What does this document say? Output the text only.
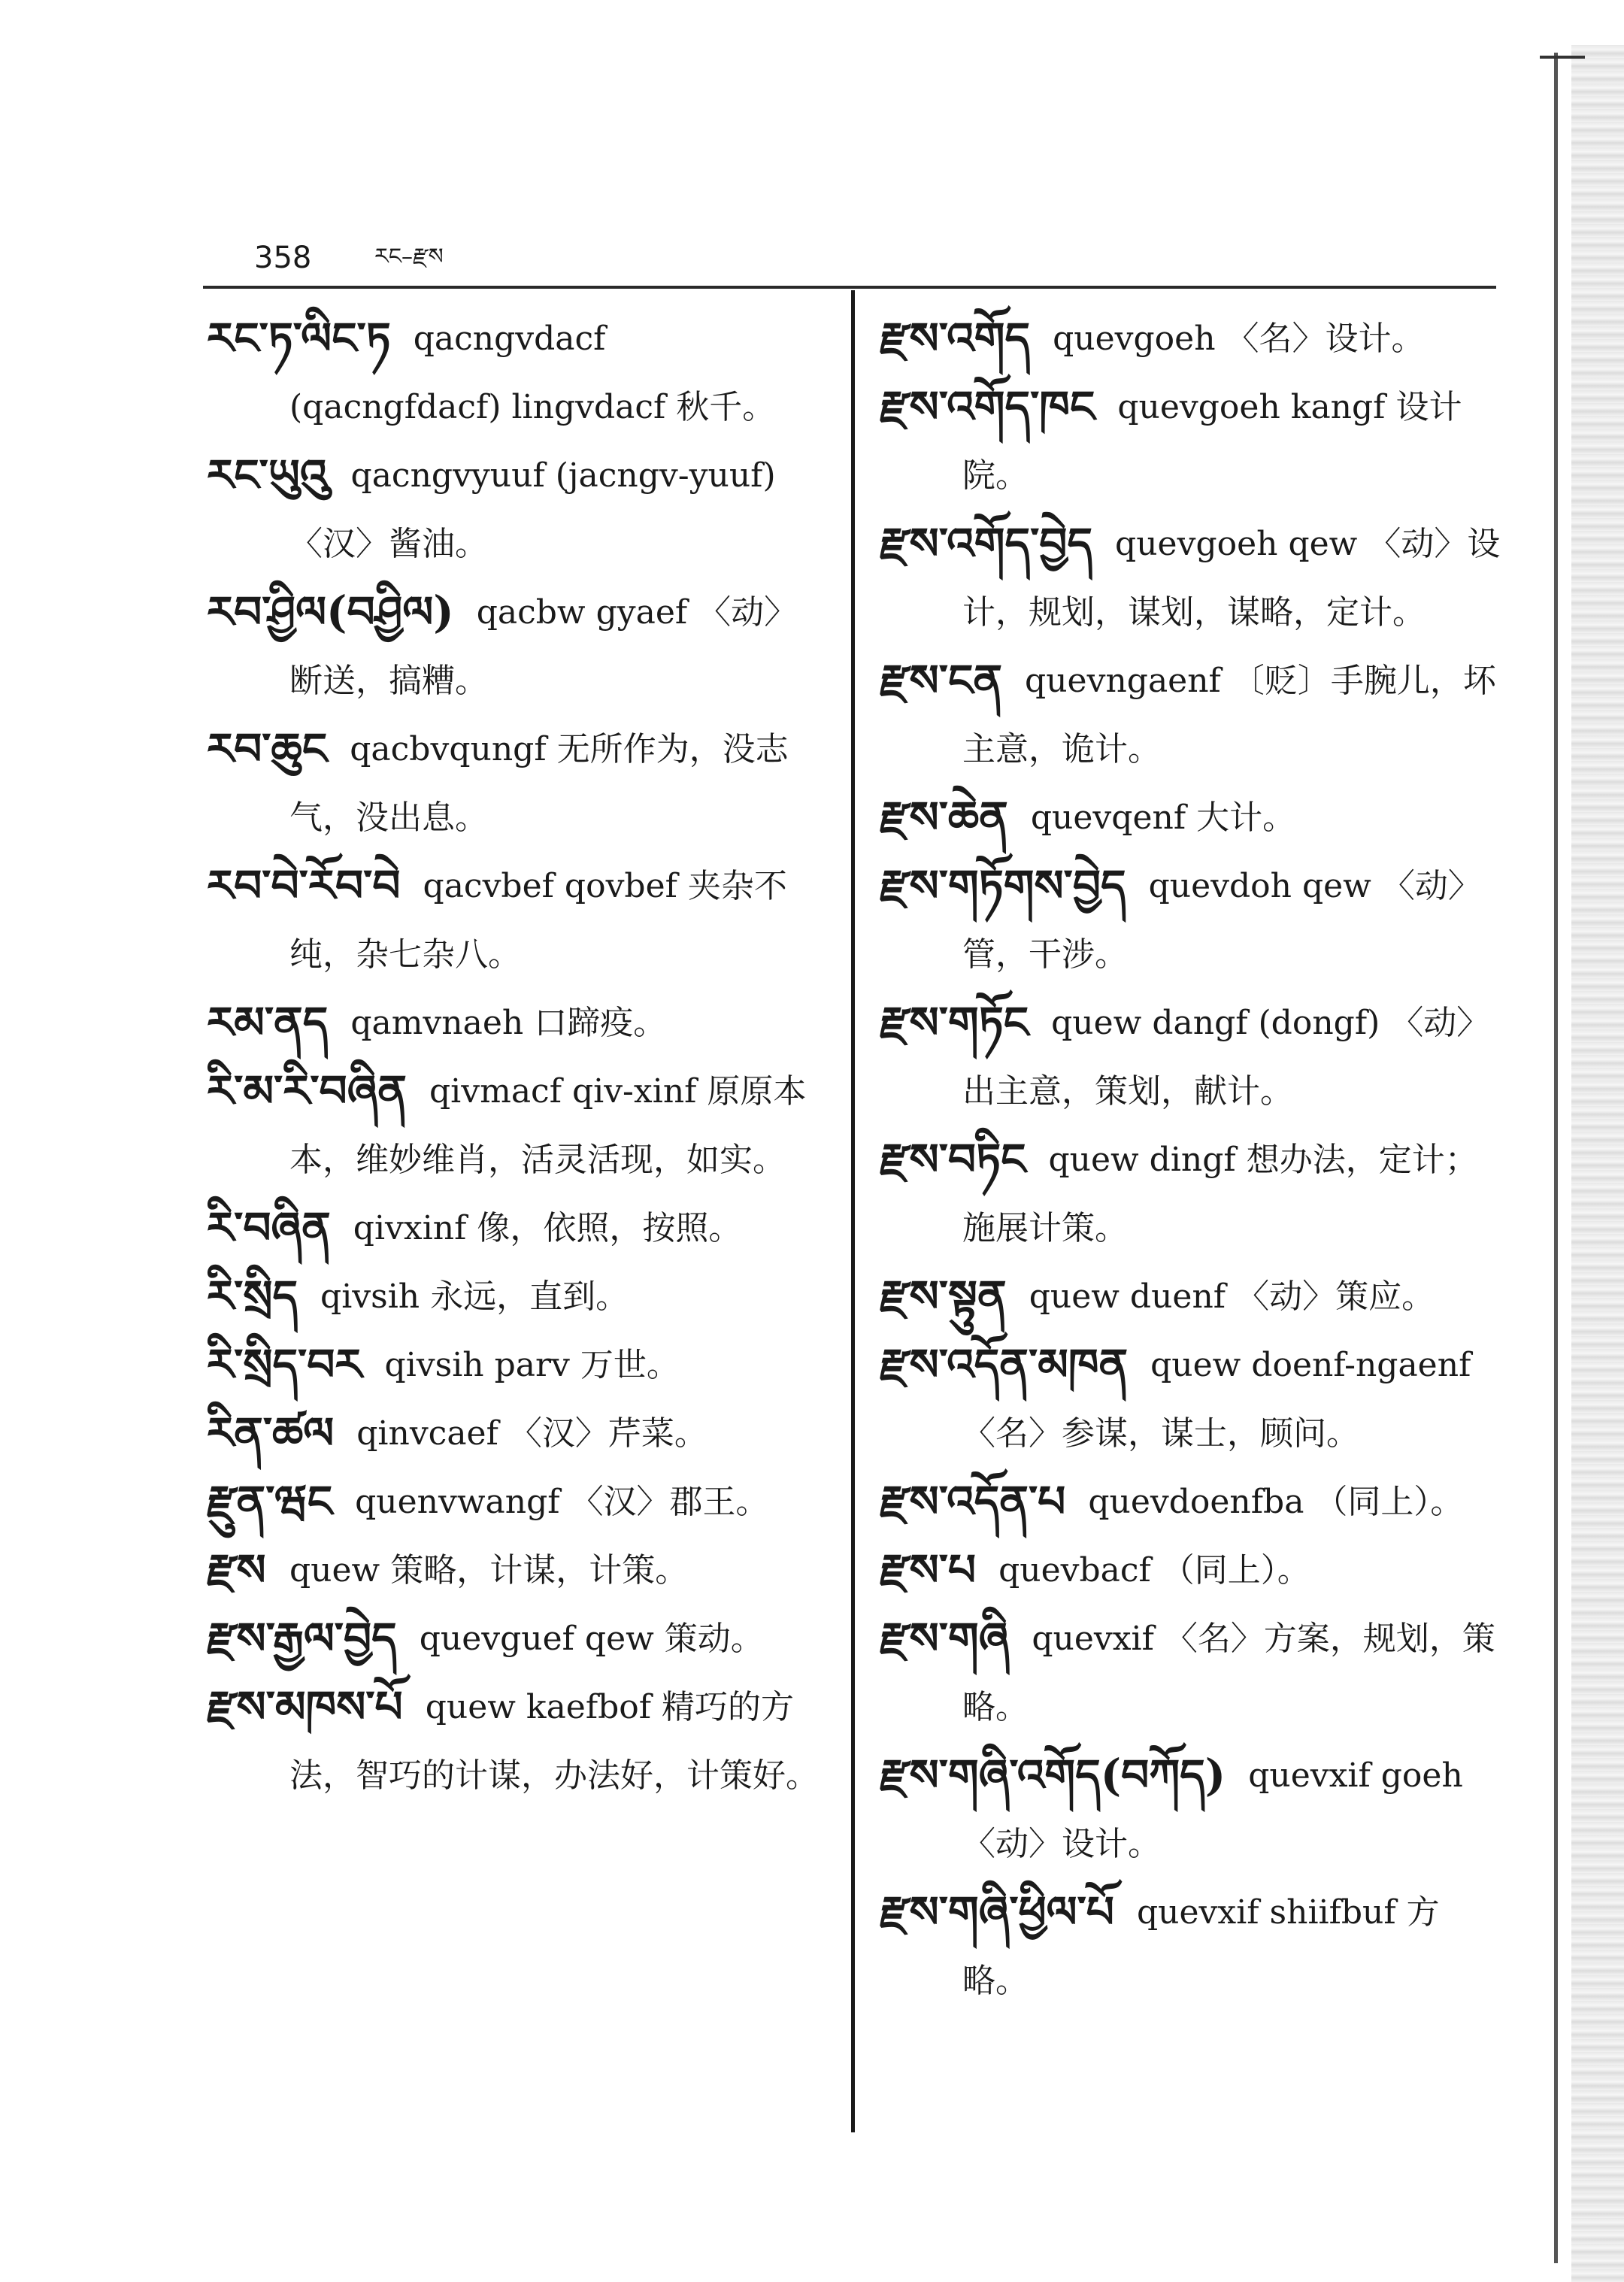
358	རང–རྫས
རང་ཏ་ལིང་ཏ qacngvdacf (qacngfdacf) lingvdacf 秋千。
རང་ཡུའུ qacngvyuuf (jacngv-yuuf) 〈汉〉酱油。
རབ་ཤྱིལ(བཤྱིལ) qacbw gyaef 〈动〉断送，搞糟。
རབ་ཆུང qacbvqungf 无所作为，没志气，没出息。
རབ་བེ་རོབ་བེ qacvbef qovbef 夹杂不纯，杂七杂八。
རམ་ནད qamvnaeh 口蹄疫。
རི་མ་རི་བཞིན qivmacf qiv-xinf 原原本本，维妙维肖，活灵活现，如实。
རི་བཞིན qivxinf 像，依照，按照。
རི་སྲིད qivsih 永远，直到。
རི་སྲིད་བར qivsih parv 万世。
རིན་ཚལ qinvcaef 〈汉〉芹菜。
རྫུན་ཝང quenvwangf 〈汉〉郡王。
རྫས quew 策略，计谋，计策。
རྫས་རྒྱལ་བྱེད quevguef qew 策动。
རྫས་མཁས་པོ quew kaefbof 精巧的方法，智巧的计谋，办法好，计策好。
རྫས་འགོད quevgoeh 〈名〉设计。
རྫས་འགོད་ཁང quevgoeh kangf 设计院。
རྫས་འགོད་བྱེད quevgoeh qew 〈动〉设计，规划，谋划，谋略，定计。
རྫས་ངན quevngaenf 〔贬〕手腕儿，坏主意，诡计。
རྫས་ཆེན quevqenf 大计。
རྫས་གཏོགས་བྱེད quevdoh qew 〈动〉管，干涉。
རྫས་གཏོང quew dangf (dongf) 〈动〉出主意，策划，献计。
རྫས་བཏིང quew dingf 想办法，定计；施展计策。
རྫས་སྟུན quew duenf 〈动〉策应。
རྫས་འདོན་མཁན quew doenf-ngaenf 〈名〉参谋，谋士，顾问。
རྫས་འདོན་པ quevdoenfba （同上）。
རྫས་པ quevbacf （同上）。
རྫས་གཞི quevxif 〈名〉方案，规划，策略。
རྫས་གཞི་འགོད(བཀོད) quevxif goeh 〈动〉设计。
རྫས་གཞི་ཕྱིལ་པོ quevxif shiifbuf 方略。
